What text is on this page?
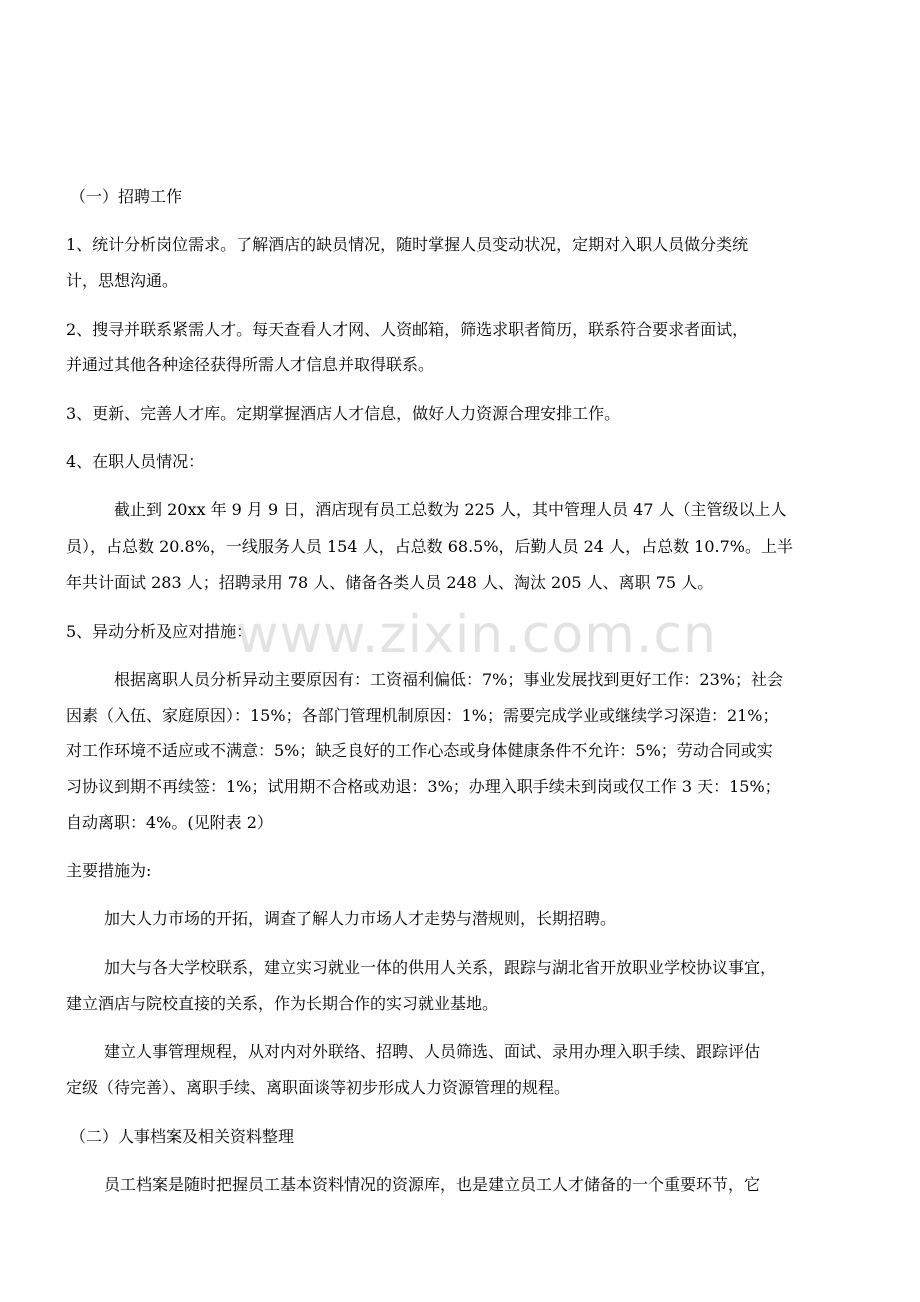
www.zixin.com.cn
（一）招聘工作
1、统计分析岗位需求。了解酒店的缺员情况，随时掌握人员变动状况，定期对入职人员做分类统
计，思想沟通。
2、搜寻并联系紧需人才。每天查看人才网、人资邮箱，筛选求职者简历，联系符合要求者面试，
并通过其他各种途径获得所需人才信息并取得联系。
3、更新、完善人才库。定期掌握酒店人才信息，做好人力资源合理安排工作。
4、在职人员情况：
截止到 20xx 年 9 月 9 日，酒店现有员工总数为 225 人，其中管理人员 47 人（主管级以上人
员），占总数 20.8%，一线服务人员 154 人，占总数 68.5%，后勤人员 24 人，占总数 10.7%。上半
年共计面试 283 人；招聘录用 78 人、储备各类人员 248 人、淘汰 205 人、离职 75 人。
5、异动分析及应对措施：
根据离职人员分析异动主要原因有：工资福利偏低：7%；事业发展找到更好工作：23%；社会
因素（入伍、家庭原因）：15%；各部门管理机制原因：1%；需要完成学业或继续学习深造：21%；
对工作环境不适应或不满意：5%；缺乏良好的工作心态或身体健康条件不允许：5%；劳动合同或实
习协议到期不再续签：1%；试用期不合格或劝退：3%；办理入职手续未到岗或仅工作 3 天：15%；
自动离职：4%。(见附表 2）
主要措施为:
加大人力市场的开拓，调查了解人力市场人才走势与潜规则，长期招聘。
加大与各大学校联系，建立实习就业一体的供用人关系，跟踪与湖北省开放职业学校协议事宜，
建立酒店与院校直接的关系，作为长期合作的实习就业基地。
建立人事管理规程，从对内对外联络、招聘、人员筛选、面试、录用办理入职手续、跟踪评估
定级（待完善）、离职手续、离职面谈等初步形成人力资源管理的规程。
（二）人事档案及相关资料整理
员工档案是随时把握员工基本资料情况的资源库，也是建立员工人才储备的一个重要环节，它
